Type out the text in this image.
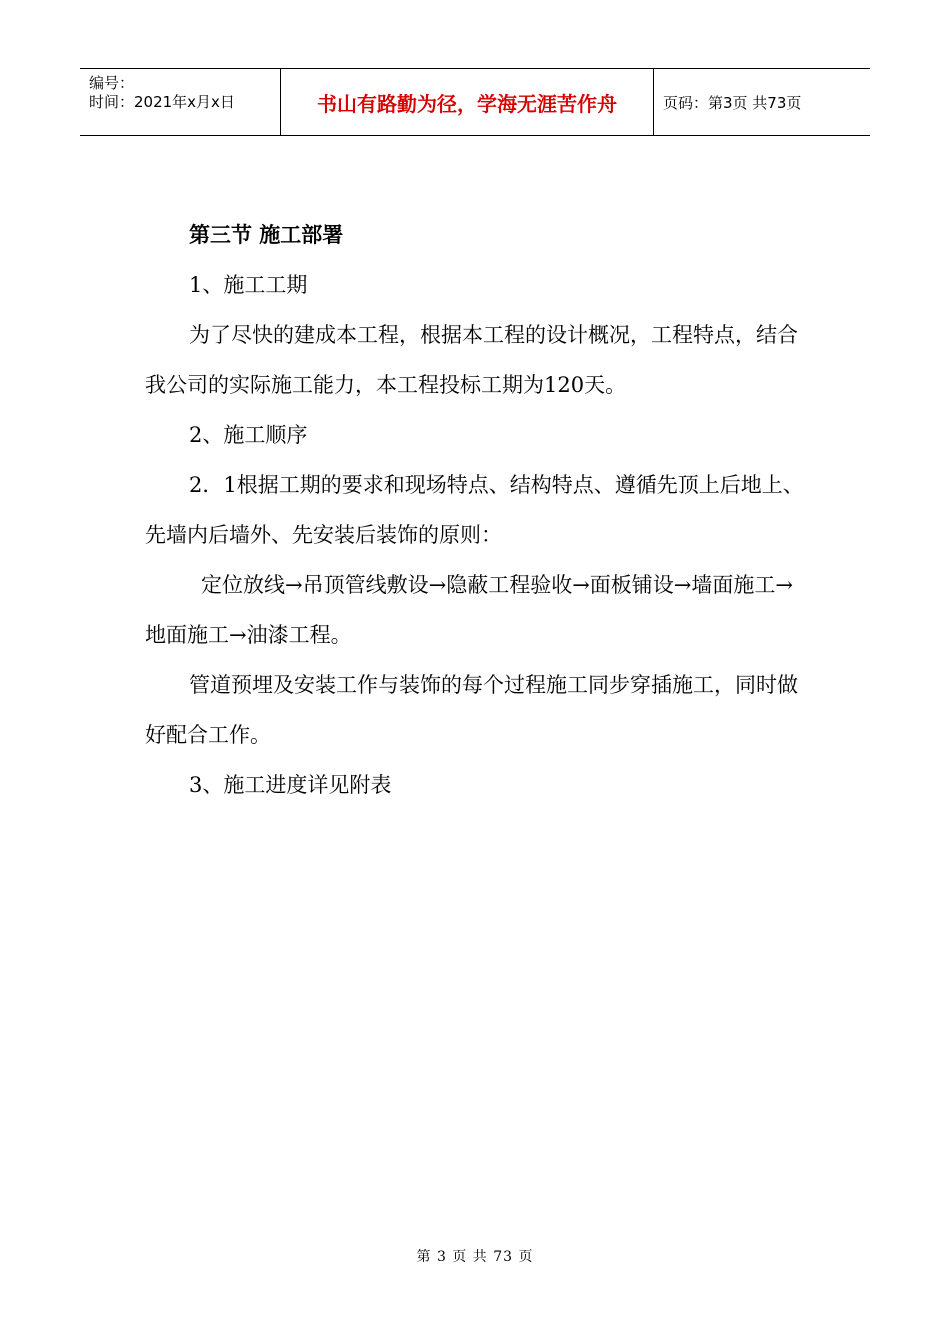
编号：
时间：2021年x月x日	书山有路勤为径，学海无涯苦作舟	页码：第3页 共73页

第三节 施工部署

1、施工工期

为了尽快的建成本工程，根据本工程的设计概况，工程特点，结合我公司的实际施工能力，本工程投标工期为120天。

2、施工顺序

2．1根据工期的要求和现场特点、结构特点、遵循先顶上后地上、先墙内后墙外、先安装后装饰的原则：

定位放线→吊顶管线敷设→隐蔽工程验收→面板铺设→墙面施工→地面施工→油漆工程。

管道预埋及安装工作与装饰的每个过程施工同步穿插施工，同时做好配合工作。

3、施工进度详见附表

第 3 页 共 73 页
